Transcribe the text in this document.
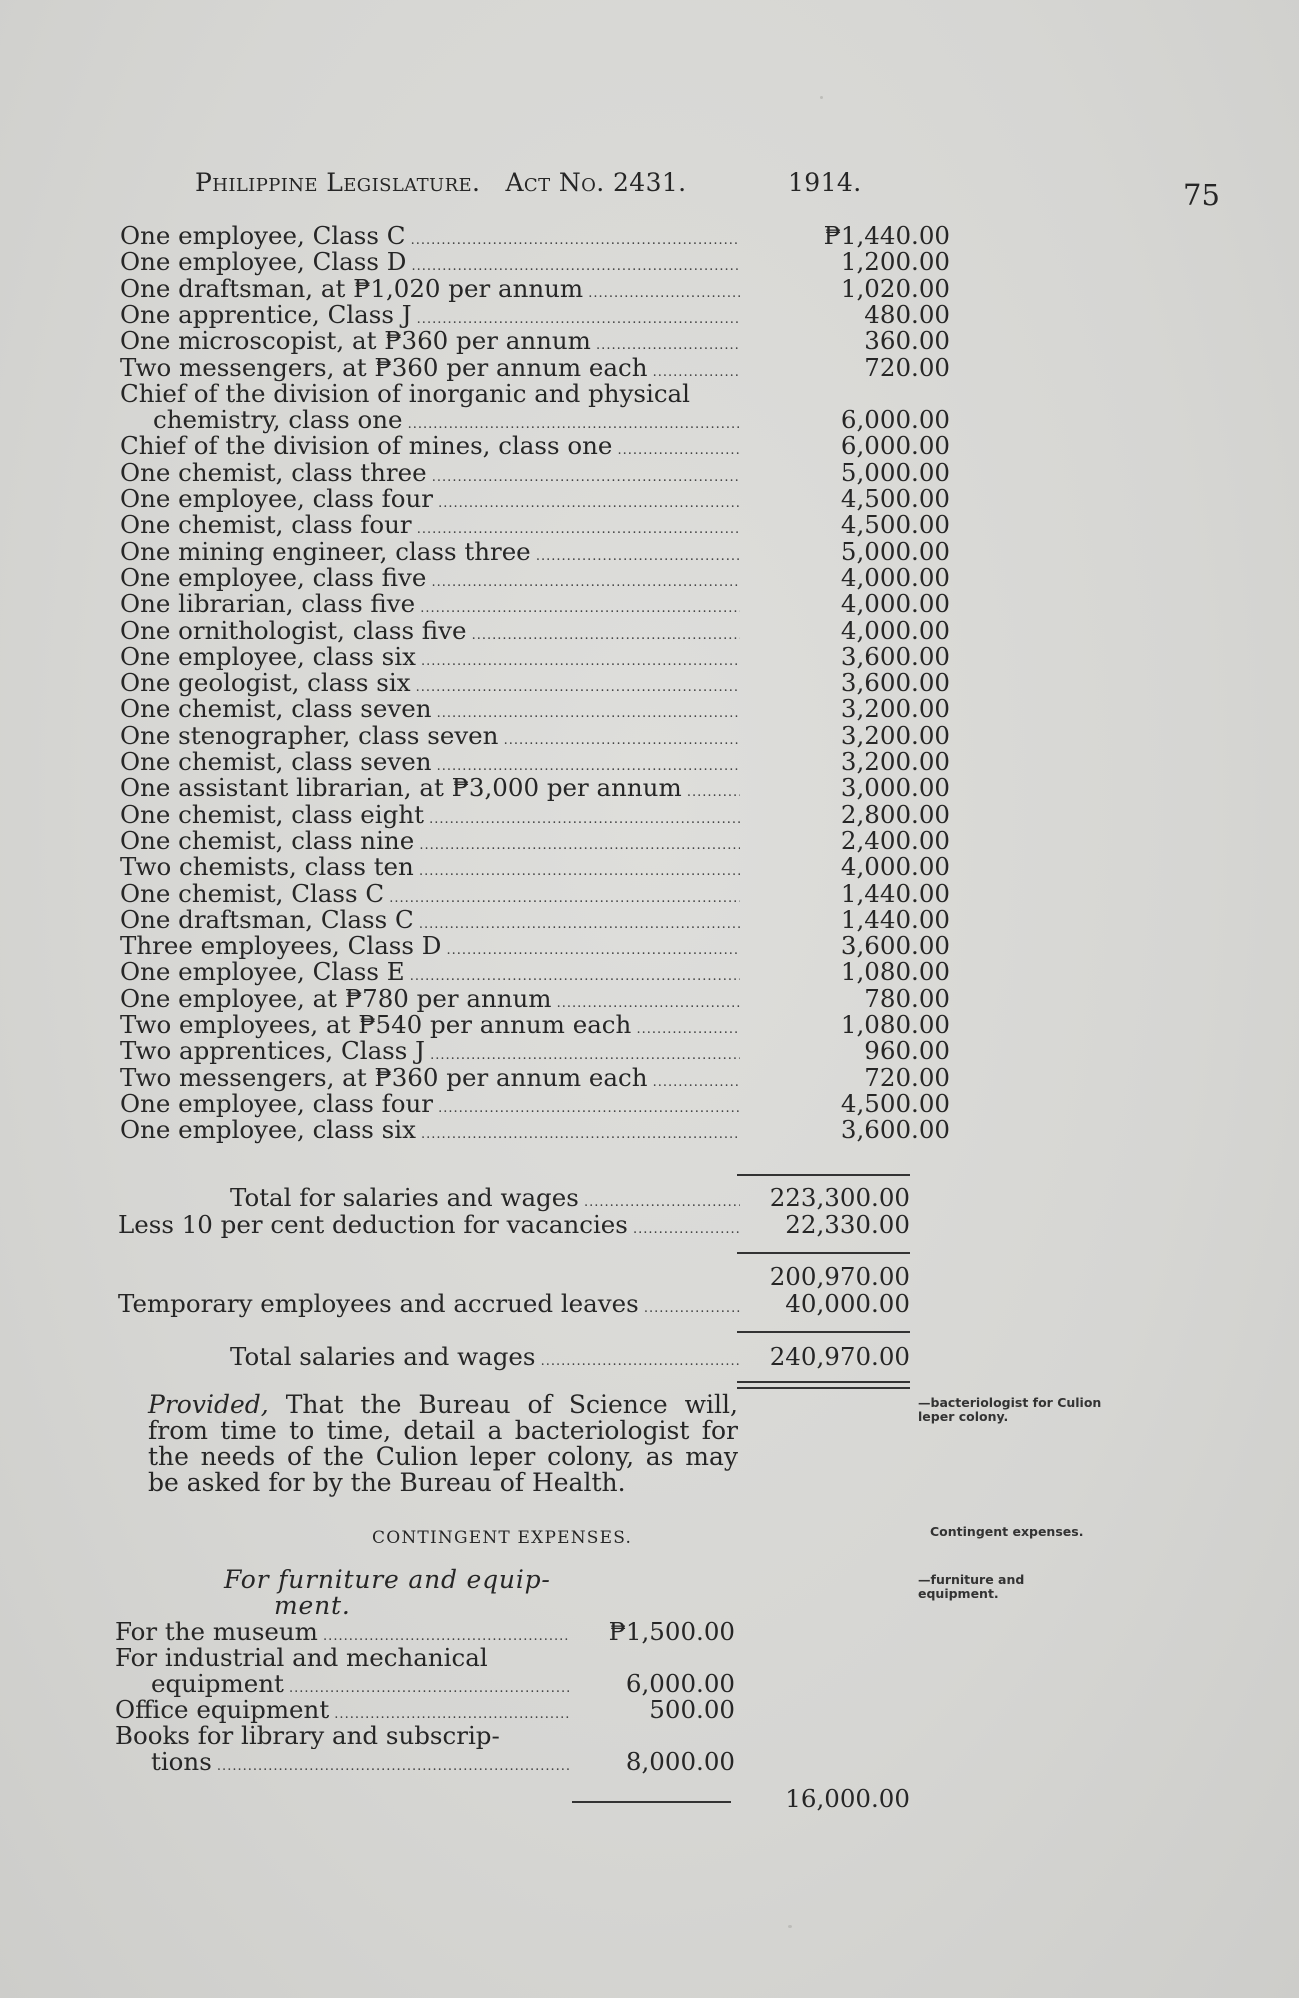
Philippine Legislature. Act No. 2431.	1914.	75
One employee, Class C .....	₱1,440.00
One employee, Class D .....	1,200.00
One draftsman, at ₱1,020 per annum .....	1,020.00
One apprentice, Class J .....	480.00
One microscopist, at ₱360 per annum .....	360.00
Two messengers, at ₱360 per annum each .....	720.00
Chief of the division of inorganic and physical
chemistry, class one .....	6,000.00
Chief of the division of mines, class one .....	6,000.00
One chemist, class three .....	5,000.00
One employee, class four .....	4,500.00
One chemist, class four .....	4,500.00
One mining engineer, class three .....	5,000.00
One employee, class five .....	4,000.00
One librarian, class five .....	4,000.00
One ornithologist, class five .....	4,000.00
One employee, class six .....	3,600.00
One geologist, class six .....	3,600.00
One chemist, class seven .....	3,200.00
One stenographer, class seven .....	3,200.00
One chemist, class seven .....	3,200.00
One assistant librarian, at ₱3,000 per annum .....	3,000.00
One chemist, class eight .....	2,800.00
One chemist, class nine .....	2,400.00
Two chemists, class ten .....	4,000.00
One chemist, Class C .....	1,440.00
One draftsman, Class C .....	1,440.00
Three employees, Class D .....	3,600.00
One employee, Class E .....	1,080.00
One employee, at ₱780 per annum .....	780.00
Two employees, at ₱540 per annum each .....	1,080.00
Two apprentices, Class J .....	960.00
Two messengers, at ₱360 per annum each .....	720.00
One employee, class four .....	4,500.00
One employee, class six .....	3,600.00
Total for salaries and wages .....	223,300.00
Less 10 per cent deduction for vacancies .....	22,330.00
200,970.00
Temporary employees and accrued leaves .....	40,000.00
Total salaries and wages .....	240,970.00
Provided, That the Bureau of Science will, from time to time, detail a bacteriologist for the needs of the Culion leper colony, as may be asked for by the Bureau of Health.
—bacteriologist for Culion leper colony.
Contingent expenses.
—furniture and equipment.
CONTINGENT EXPENSES.
For furniture and equip-
ment.
For the museum .....	₱1,500.00
For industrial and mechanical
equipment .....	6,000.00
Office equipment .....	500.00
Books for library and subscrip-
tions .....	8,000.00
16,000.00
